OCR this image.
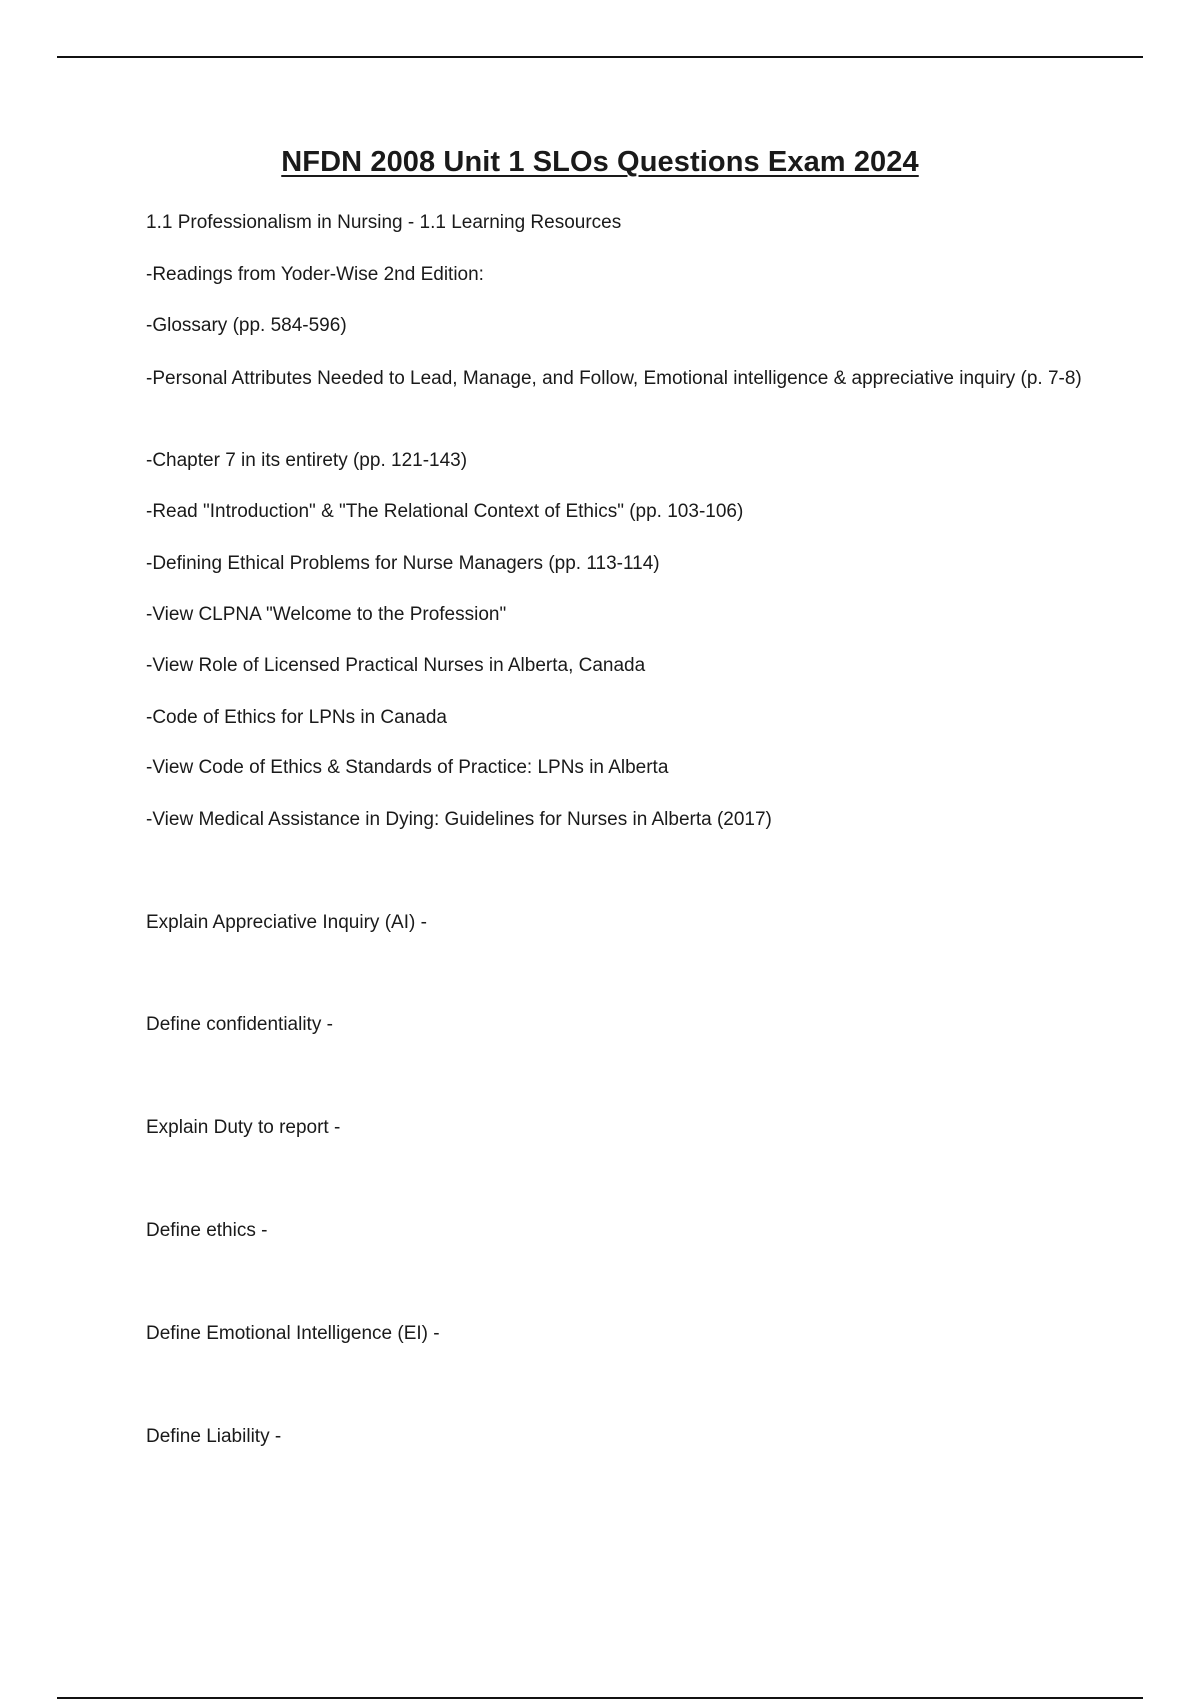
NFDN 2008 Unit 1 SLOs Questions Exam 2024

1.1 Professionalism in Nursing - 1.1 Learning Resources

-Readings from Yoder-Wise 2nd Edition:

-Glossary (pp. 584-596)

-Personal Attributes Needed to Lead, Manage, and Follow, Emotional intelligence & appreciative inquiry (p. 7-8)

-Chapter 7 in its entirety (pp. 121-143)

-Read "Introduction" & "The Relational Context of Ethics" (pp. 103-106)

-Defining Ethical Problems for Nurse Managers (pp. 113-114)

-View CLPNA "Welcome to the Profession"

-View Role of Licensed Practical Nurses in Alberta, Canada

-Code of Ethics for LPNs in Canada

-View Code of Ethics & Standards of Practice: LPNs in Alberta

-View Medical Assistance in Dying: Guidelines for Nurses in Alberta (2017)

Explain Appreciative Inquiry (AI) -

Define confidentiality -

Explain Duty to report -

Define ethics -

Define Emotional Intelligence (EI) -

Define Liability -
